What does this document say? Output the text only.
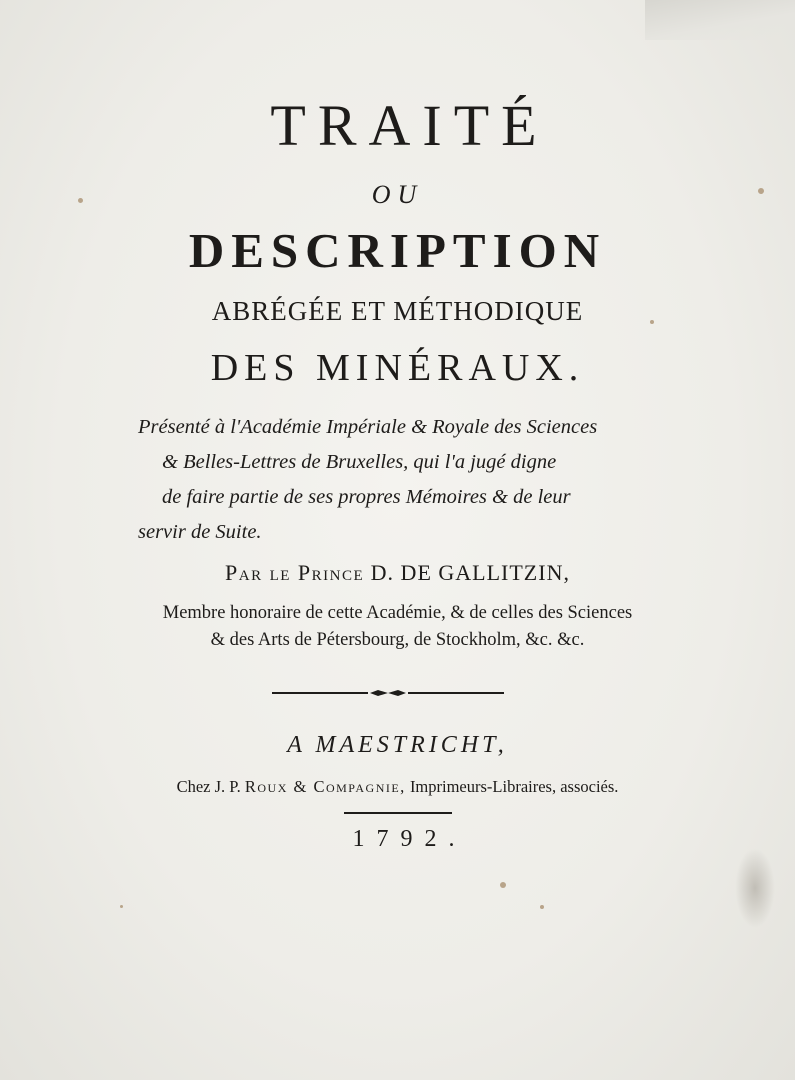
TRAITÉ
OU
DESCRIPTION
ABRÉGÉE ET MÉTHODIQUE
DES MINÉRAUX.
Présenté à l'Académie Impériale & Royale des Sciences
& Belles-Lettres de Bruxelles, qui l'a jugé digne
de faire partie de ses propres Mémoires & de leur
servir de Suite.
Par le Prince D. DE GALLITZIN,
Membre honoraire de cette Académie, & de celles des Sciences
& des Arts de Pétersbourg, de Stockholm, &c. &c.
A MAESTRICHT,
Chez J. P. Roux & Compagnie, Imprimeurs-Libraires, associés.
1792.
